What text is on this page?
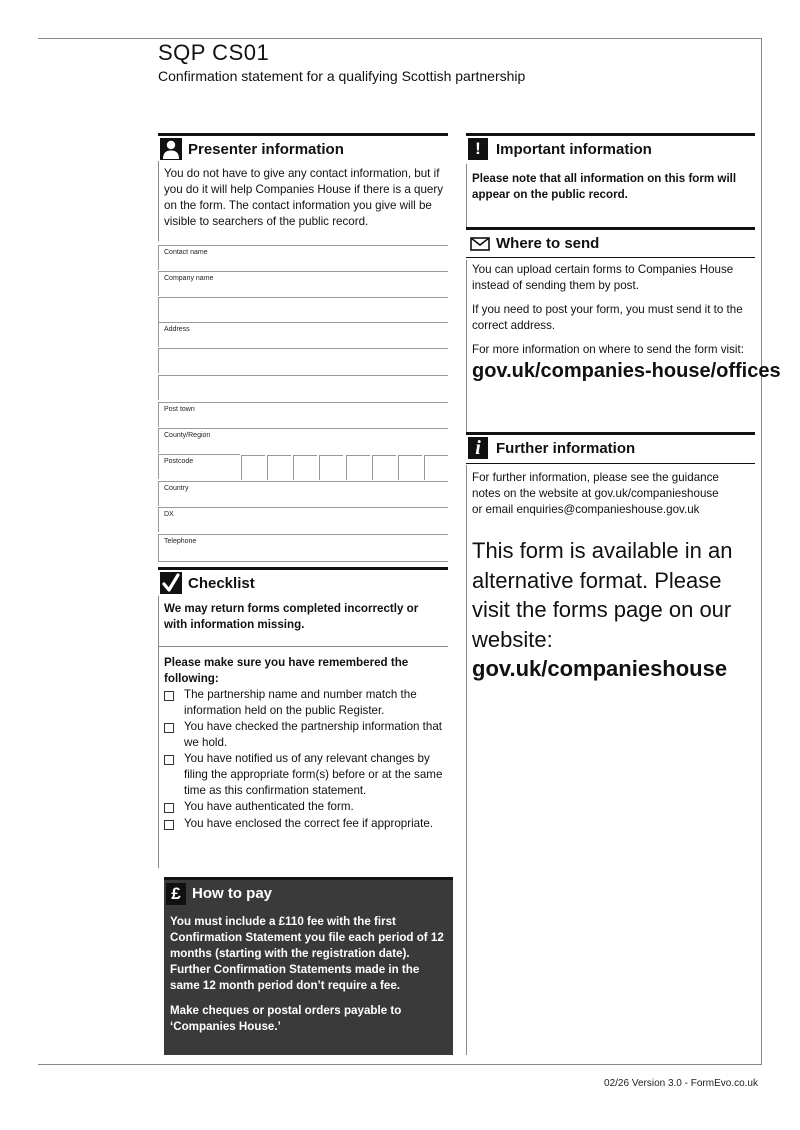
SQP CS01
Confirmation statement for a qualifying Scottish partnership
Presenter information
You do not have to give any contact information, but if you do it will help Companies House if there is a query on the form. The contact information you give will be visible to searchers of the public record.
Contact name
Company name
Address
Post town
County/Region
Postcode
Country
DX
Telephone
Checklist
We may return forms completed incorrectly or with information missing.
Please make sure you have remembered the following:
The partnership name and number match the information held on the public Register.
You have checked the partnership information that we hold.
You have notified us of any relevant changes by filing the appropriate form(s) before or at the same time as this confirmation statement.
You have authenticated the form.
You have enclosed the correct fee if appropriate.
£ How to pay
You must include a £110 fee with the first Confirmation Statement you file each period of 12 months (starting with the registration date). Further Confirmation Statements made in the same 12 month period don’t require a fee.
Make cheques or postal orders payable to ‘Companies House.’
!	Important information
Please note that all information on this form will appear on the public record.
Where to send
You can upload certain forms to Companies House instead of sending them by post.
If you need to post your form, you must send it to the correct address.
For more information on where to send the form visit:
gov.uk/companies-house/offices
i	Further information
For further information, please see the guidance
notes on the website at gov.uk/companieshouse
or email enquiries@companieshouse.gov.uk
This form is available in an alternative format. Please visit the forms page on our website:
gov.uk/companieshouse
02/26 Version 3.0 - FormEvo.co.uk
